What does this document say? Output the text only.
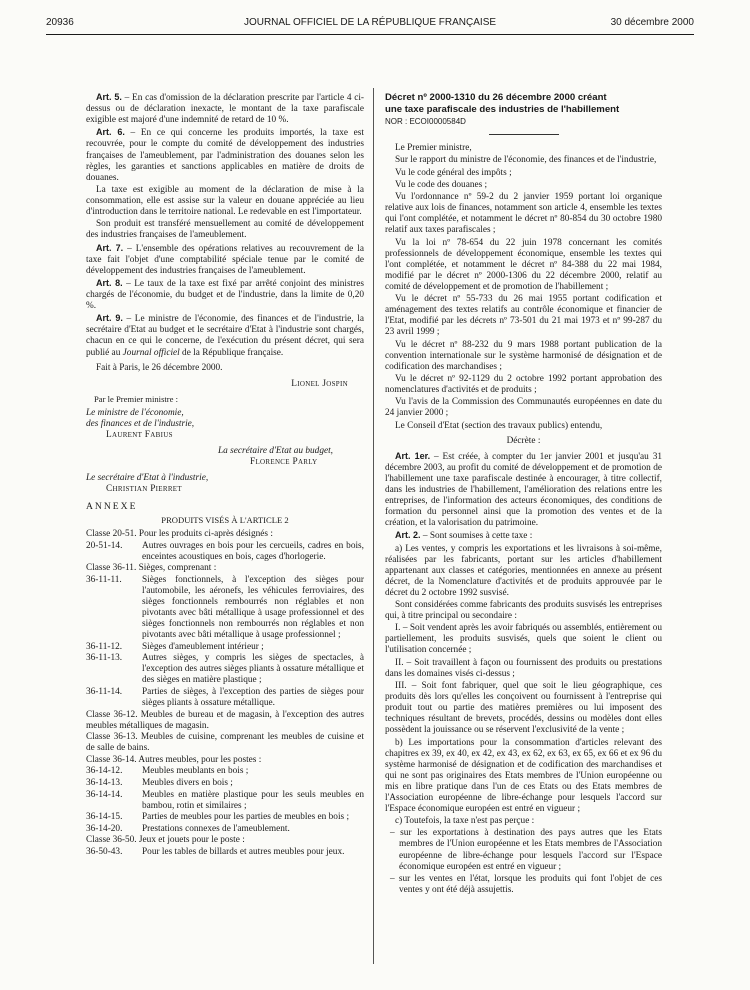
20936	JOURNAL OFFICIEL DE LA RÉPUBLIQUE FRANÇAISE	30 décembre 2000

Art. 5. – En cas d'omission de la déclaration prescrite par l'article 4 ci-dessus ou de déclaration inexacte, le montant de la taxe parafiscale exigible est majoré d'une indemnité de retard de 10 %.

Art. 6. – En ce qui concerne les produits importés, la taxe est recouvrée, pour le compte du comité de développement des industries françaises de l'ameublement, par l'administration des douanes selon les règles, les garanties et sanctions applicables en matière de droits de douanes.

La taxe est exigible au moment de la déclaration de mise à la consommation, elle est assise sur la valeur en douane appréciée au lieu d'introduction dans le territoire national. Le redevable en est l'importateur.

Son produit est transféré mensuellement au comité de développement des industries françaises de l'ameublement.

Art. 7. – L'ensemble des opérations relatives au recouvrement de la taxe fait l'objet d'une comptabilité spéciale tenue par le comité de développement des industries françaises de l'ameublement.

Art. 8. – Le taux de la taxe est fixé par arrêté conjoint des ministres chargés de l'économie, du budget et de l'industrie, dans la limite de 0,20 %.

Art. 9. – Le ministre de l'économie, des finances et de l'industrie, la secrétaire d'Etat au budget et le secrétaire d'Etat à l'industrie sont chargés, chacun en ce qui le concerne, de l'exécution du présent décret, qui sera publié au Journal officiel de la République française.

Fait à Paris, le 26 décembre 2000.

Lionel Jospin

Par le Premier ministre :

Le ministre de l'économie,

des finances et de l'industrie,

Laurent Fabius

La secrétaire d'Etat au budget,

Florence Parly

Le secrétaire d'Etat à l'industrie,

Christian Pierret

ANNEXE

PRODUITS VISÉS À L'ARTICLE 2

Classe 20-51. Pour les produits ci-après désignés :

20-51-14.	Autres ouvrages en bois pour les cercueils, cadres en bois, enceintes acoustiques en bois, cages d'horlogerie.

Classe 36-11. Sièges, comprenant :

36-11-11.	Sièges fonctionnels, à l'exception des sièges pour l'automobile, les aéronefs, les véhicules ferroviaires, des sièges fonctionnels rembourrés non réglables et non pivotants avec bâti métallique à usage professionnel et des sièges fonctionnels non rembourrés non réglables et non pivotants avec bâti métallique à usage professionnel ;
36-11-12.	Sièges d'ameublement intérieur ;
36-11-13.	Autres sièges, y compris les sièges de spectacles, à l'exception des autres sièges pliants à ossature métallique et des sièges en matière plastique ;
36-11-14.	Parties de sièges, à l'exception des parties de sièges pour sièges pliants à ossature métallique.

Classe 36-12. Meubles de bureau et de magasin, à l'exception des autres meubles métalliques de magasin.

Classe 36-13. Meubles de cuisine, comprenant les meubles de cuisine et de salle de bains.

Classe 36-14. Autres meubles, pour les postes :

36-14-12.	Meubles meublants en bois ;
36-14-13.	Meubles divers en bois ;
36-14-14.	Meubles en matière plastique pour les seuls meubles en bambou, rotin et similaires ;
36-14-15.	Parties de meubles pour les parties de meubles en bois ;
36-14-20.	Prestations connexes de l'ameublement.

Classe 36-50. Jeux et jouets pour le poste :

36-50-43.	Pour les tables de billards et autres meubles pour jeux.

Décret nº 2000-1310 du 26 décembre 2000 créant

une taxe parafiscale des industries de l'habillement

NOR : ECOI0000584D

Le Premier ministre,

Sur le rapport du ministre de l'économie, des finances et de l'industrie,

Vu le code général des impôts ;

Vu le code des douanes ;

Vu l'ordonnance nº 59-2 du 2 janvier 1959 portant loi organique relative aux lois de finances, notamment son article 4, ensemble les textes qui l'ont complétée, et notamment le décret nº 80-854 du 30 octobre 1980 relatif aux taxes parafiscales ;

Vu la loi nº 78-654 du 22 juin 1978 concernant les comités professionnels de développement économique, ensemble les textes qui l'ont complétée, et notamment le décret nº 84-388 du 22 mai 1984, modifié par le décret nº 2000-1306 du 22 décembre 2000, relatif au comité de développement et de promotion de l'habillement ;

Vu le décret nº 55-733 du 26 mai 1955 portant codification et aménagement des textes relatifs au contrôle économique et financier de l'Etat, modifié par les décrets nº 73-501 du 21 mai 1973 et nº 99-287 du 23 avril 1999 ;

Vu le décret nº 88-232 du 9 mars 1988 portant publication de la convention internationale sur le système harmonisé de désignation et de codification des marchandises ;

Vu le décret nº 92-1129 du 2 octobre 1992 portant approbation des nomenclatures d'activités et de produits ;

Vu l'avis de la Commission des Communautés européennes en date du 24 janvier 2000 ;

Le Conseil d'Etat (section des travaux publics) entendu,

Décrète :

Art. 1er. – Est créée, à compter du 1er janvier 2001 et jusqu'au 31 décembre 2003, au profit du comité de développement et de promotion de l'habillement une taxe parafiscale destinée à encourager, à titre collectif, dans les industries de l'habillement, l'amélioration des relations entre les entreprises, de l'information des acteurs économiques, des conditions de formation du personnel ainsi que la promotion des ventes et de la création, et la valorisation du patrimoine.

Art. 2. – Sont soumises à cette taxe :

a) Les ventes, y compris les exportations et les livraisons à soi-même, réalisées par les fabricants, portant sur les articles d'habillement appartenant aux classes et catégories, mentionnées en annexe au présent décret, de la Nomenclature d'activités et de produits approuvée par le décret du 2 octobre 1992 susvisé.

Sont considérées comme fabricants des produits susvisés les entreprises qui, à titre principal ou secondaire :

I. – Soit vendent après les avoir fabriqués ou assemblés, entièrement ou partiellement, les produits susvisés, quels que soient le client ou l'utilisation concernée ;

II. – Soit travaillent à façon ou fournissent des produits ou prestations dans les domaines visés ci-dessus ;

III. – Soit font fabriquer, quel que soit le lieu géographique, ces produits dès lors qu'elles les conçoivent ou fournissent à l'entreprise qui produit tout ou partie des matières premières ou lui imposent des techniques résultant de brevets, procédés, dessins ou modèles dont elles possèdent la jouissance ou se réservent l'exclusivité de la vente ;

b) Les importations pour la consommation d'articles relevant des chapitres ex 39, ex 40, ex 42, ex 43, ex 62, ex 63, ex 65, ex 66 et ex 96 du système harmonisé de désignation et de codification des marchandises et qui ne sont pas originaires des Etats membres de l'Union européenne ou mis en libre pratique dans l'un de ces Etats ou des Etats membres de l'Association européenne de libre-échange pour lesquels l'accord sur l'Espace économique européen est entré en vigueur ;

c) Toutefois, la taxe n'est pas perçue :

– sur les exportations à destination des pays autres que les Etats membres de l'Union européenne et les Etats membres de l'Association européenne de libre-échange pour lesquels l'accord sur l'Espace économique européen est entré en vigueur ;

– sur les ventes en l'état, lorsque les produits qui font l'objet de ces ventes y ont été déjà assujettis.
